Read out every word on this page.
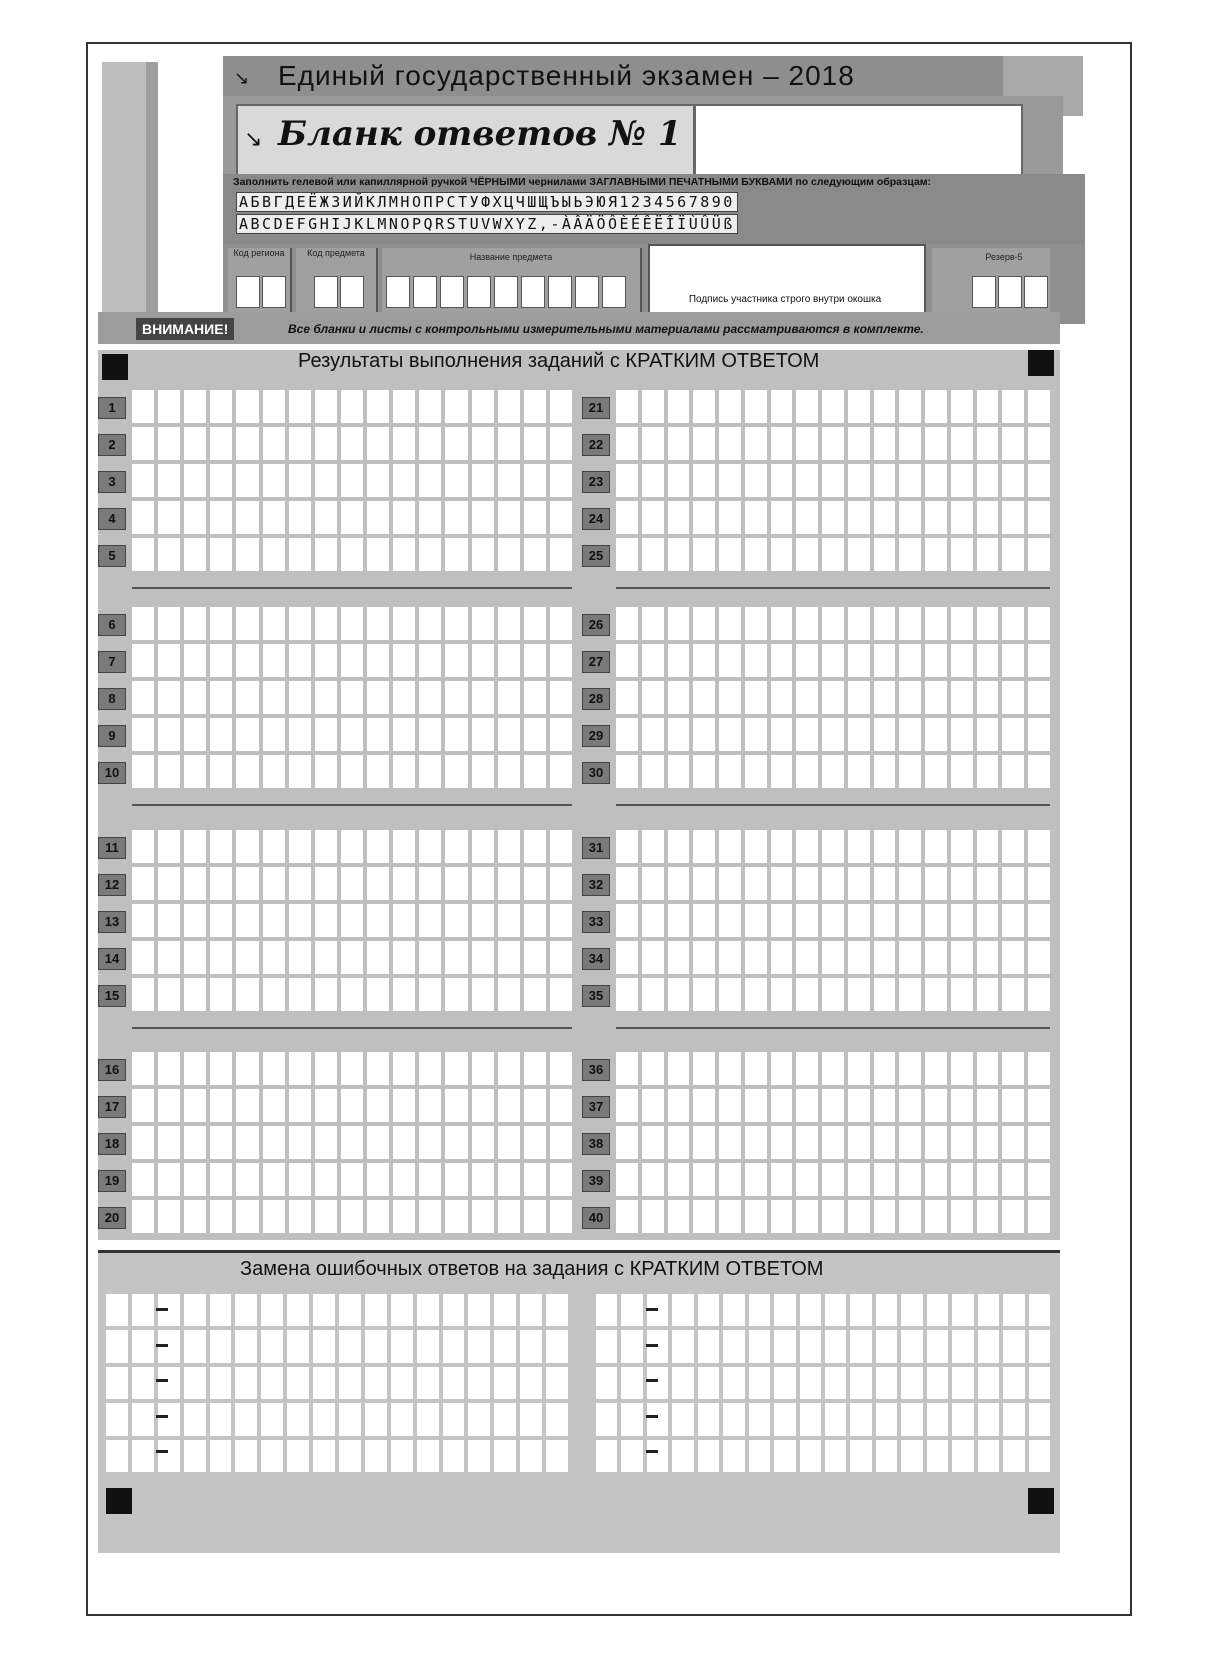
↘ Единый государственный экзамен – 2018
↘ Бланк ответов № 1
Заполнить гелевой или капиллярной ручкой ЧЁРНЫМИ чернилами ЗАГЛАВНЫМИ ПЕЧАТНЫМИ БУКВАМИ по следующим образцам:
АБВГДЕЁЖЗИЙКЛМНОПРСТУФХЦЧШЩЪЫЬЭЮЯ1234567890
ABCDEFGHIJKLMNOPQRSTUVWXYZ,-ÀÂÄÖÔÈÉÊËÎÏÙÛÜß
Код региона	Код предмета	Название предмета
Подпись участника строго внутри окошка
Резерв-5
ВНИМАНИЕ!	Все бланки и листы с контрольными измерительными материалами рассматриваются в комплекте.
Результаты выполнения заданий с КРАТКИМ ОТВЕТОМ
1
2
3
4
5
6
7
8
9
10
11
12
13
14
15
16
17
18
19
20
21
22
23
24
25
26
27
28
29
30
31
32
33
34
35
36
37
38
39
40
Замена ошибочных ответов на задания с КРАТКИМ ОТВЕТОМ
